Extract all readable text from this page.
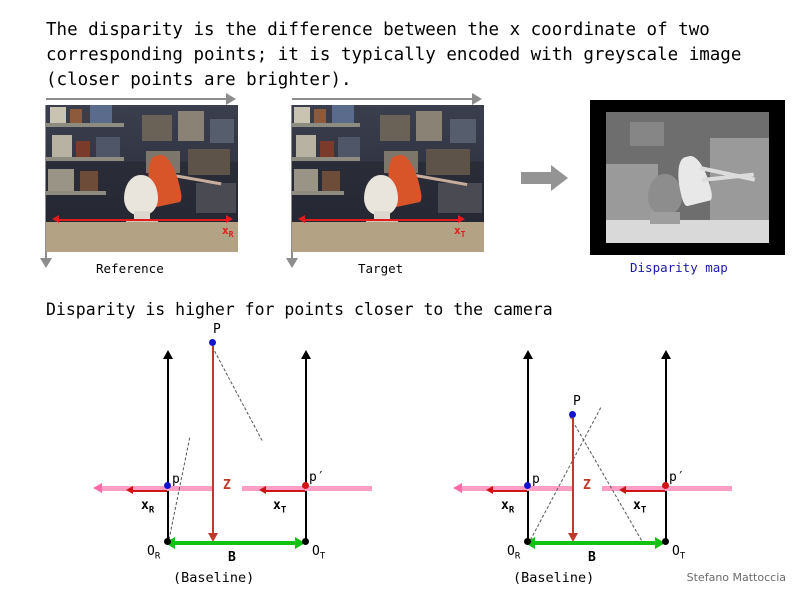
The disparity is the difference between the x coordinate of two corresponding points; it is typically encoded with greyscale image (closer points are brighter).
$x_R$
Reference
$x_T$
Target	Disparity map
Disparity is higher for points closer to the camera
P
p	p′
Z
$x_R$	$x_T$
$O_R$	$O_T$
B
(Baseline)
P
p	p′
Z
$x_R$	$x_T$
$O_R$	$O_T$
B
(Baseline)	Stefano Mattoccia
